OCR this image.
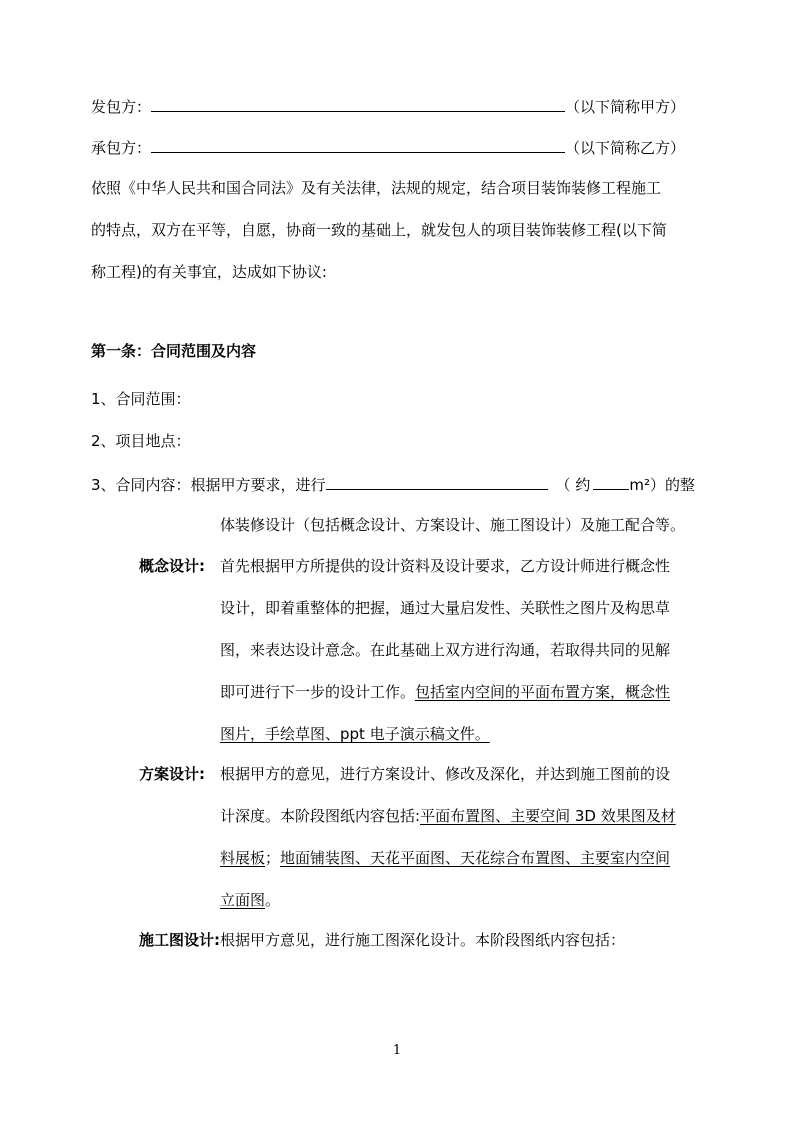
发包方：	（以下简称甲方）
承包方：	（以下简称乙方）
依照《中华人民共和国合同法》及有关法律，法规的规定，结合项目装饰装修工程施工
的特点，双方在平等，自愿，协商一致的基础上，就发包人的项目装饰装修工程(以下简
称工程)的有关事宜，达成如下协议:
第一条：合同范围及内容
1、合同范围：
2、项目地点：
3、合同内容：根据甲方要求，进行	（ 约	m²）的整
体装修设计（包括概念设计、方案设计、施工图设计）及施工配合等。
概念设计: 首先根据甲方所提供的设计资料及设计要求，乙方设计师进行概念性
设计，即着重整体的把握，通过大量启发性、关联性之图片及构思草
图，来表达设计意念。在此基础上双方进行沟通，若取得共同的见解
即可进行下一步的设计工作。包括室内空间的平面布置方案，概念性
图片，手绘草图、ppt 电子演示稿文件。
方案设计: 根据甲方的意见，进行方案设计、修改及深化，并达到施工图前的设
计深度。本阶段图纸内容包括:平面布置图、主要空间 3D 效果图及材
料展板；地面铺装图、天花平面图、天花综合布置图、主要室内空间
立面图。
施工图设计:根据甲方意见，进行施工图深化设计。本阶段图纸内容包括：
1
